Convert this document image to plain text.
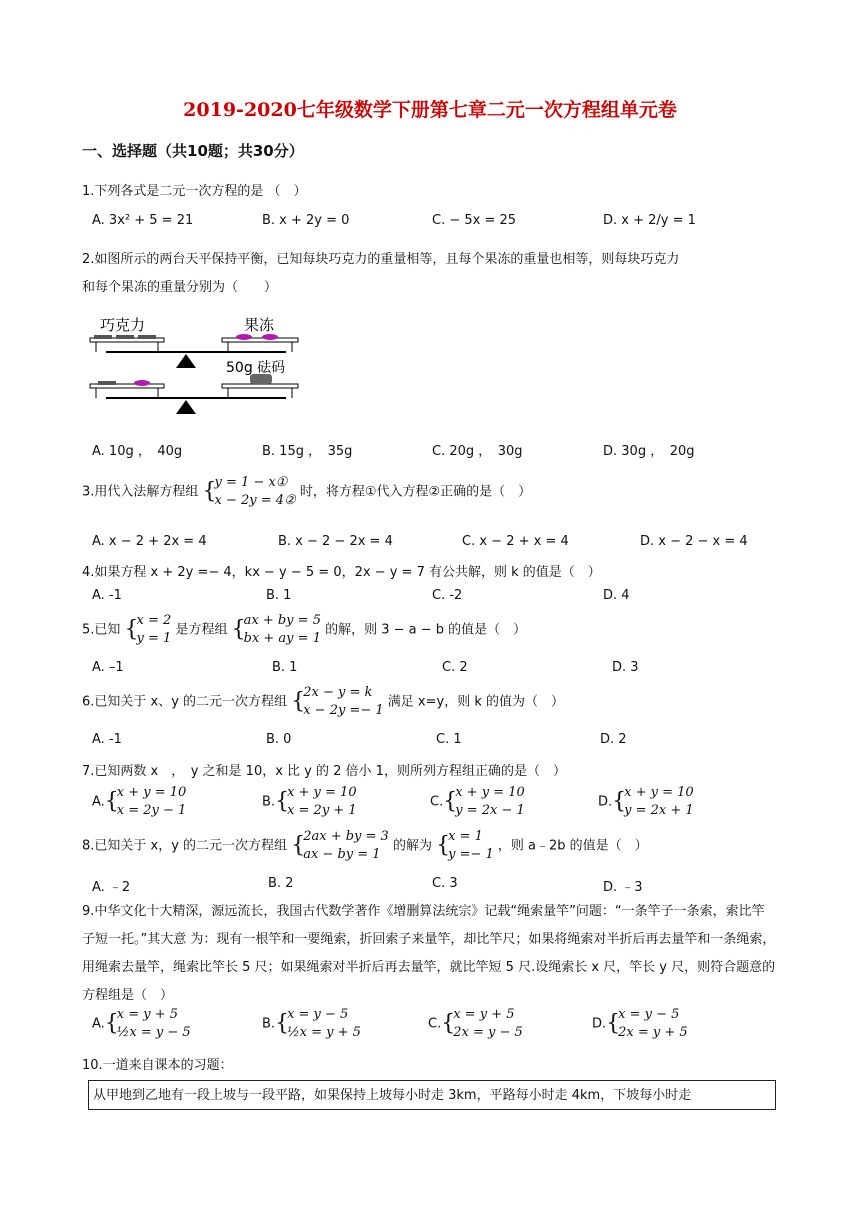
2019-2020七年级数学下册第七章二元一次方程组单元卷
一、选择题（共10题；共30分）
1.下列各式是二元一次方程的是 （　）
A. 3x² + 5 = 21	B. x + 2y = 0	C. − 5x = 25	D. x + 2/y = 1
2.如图所示的两台天平保持平衡，已知每块巧克力的重量相等，且每个果冻的重量也相等，则每块巧克力
和每个果冻的重量分别为（　　）
巧克力	果冻
50g 砝码
A. 10g ，　40g	B. 15g ，　35g	C. 20g ，　30g	D. 30g ，　20g
3.用代入法解方程组
{ y = 1 − x①
x − 2y = 4②
时，将方程①代入方程②正确的是（　）
A. x − 2 + 2x = 4	B. x − 2 − 2x = 4	C. x − 2 + x = 4	D. x − 2 − x = 4
4.如果方程 x + 2y =− 4，kx − y − 5 = 0，2x − y = 7 有公共解，则 k 的值是（　）
A. -1	B. 1	C. -2	D. 4
5.已知
{ x = 2
y = 1
是方程组
{ ax + by = 5
bx + ay = 1
的解，则 3 − a − b 的值是（　）
A. –1	B. 1	C. 2	D. 3
6.已知关于 x、y 的二元一次方程组
{ 2x − y = k
x − 2y =− 1
满足 x=y，则 k 的值为（　）
A. -1	B. 0	C. 1	D. 2
7.已知两数 x　，　y 之和是 10，x 比 y 的 2 倍小 1，则所列方程组正确的是（　）
A.
{ x + y = 10
x = 2y − 1
B.
{ x + y = 10
x = 2y + 1
C.
{ x + y = 10
y = 2x − 1
D.
{ x + y = 10
y = 2x + 1
8.已知关于 x，y 的二元一次方程组
{ 2ax + by = 3
ax − by = 1
的解为
{ x = 1
y =− 1
，则 a﹣2b 的值是（　）
A. ﹣2	B. 2	C. 3	D. ﹣3
9.中华文化十大精深，源远流长，我国古代数学著作《增删算法统宗》记载“绳索量竿”问题：“一条竿子一条索，索比竿子短一托。”其大意 为：现有一根竿和一要绳索，折回索子来量竿，却比竿尺；如果将绳索对半折后再去量竿和一条绳索，用绳索去量竿，绳索比竿长 5 尺；如果绳索对半折后再去量竿，就比竿短 5 尺.设绳索长 x 尺，竿长 y 尺，则符合题意的方程组是（　）
A.
{ x = y + 5
½x = y − 5
B.
{ x = y − 5
½x = y + 5
C.
{ x = y + 5
2x = y − 5
D.
{ x = y − 5
2x = y + 5
10.一道来自课本的习题：
从甲地到乙地有一段上坡与一段平路，如果保持上坡每小时走 3km，平路每小时走 4km，下坡每小时走
